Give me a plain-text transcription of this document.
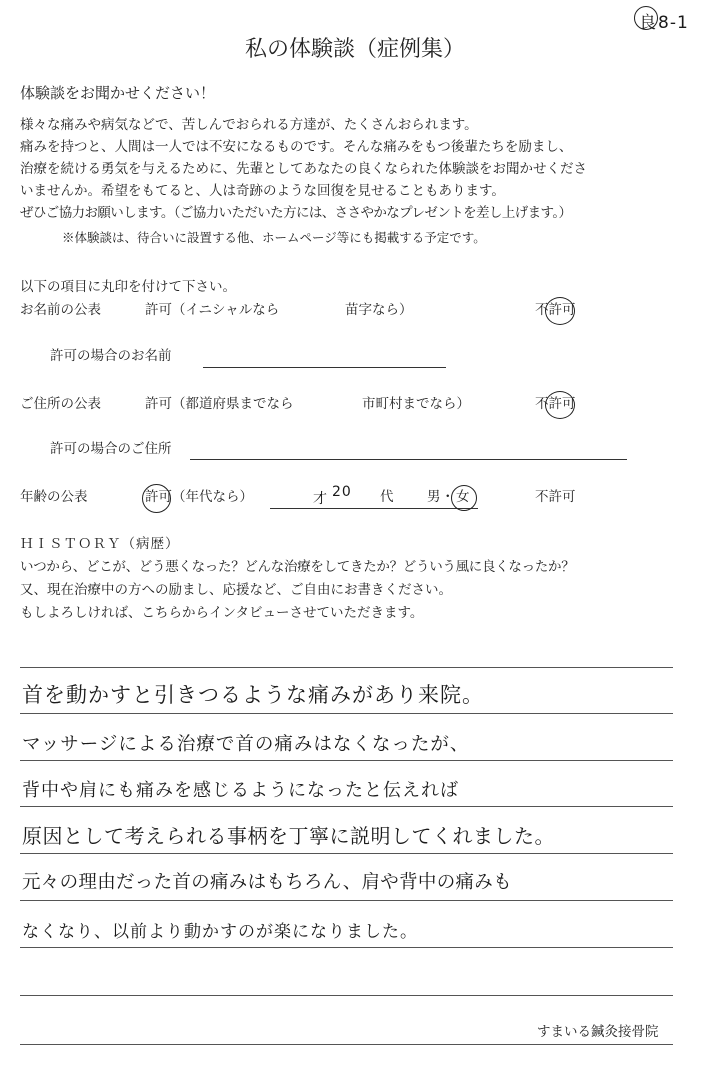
良8-1
私の体験談（症例集）
体験談をお聞かせください！
様々な痛みや病気などで、苦しんでおられる方達が、たくさんおられます。
痛みを持つと、人間は一人では不安になるものです。そんな痛みをもつ後輩たちを励まし、
治療を続ける勇気を与えるために、先輩としてあなたの良くなられた体験談をお聞かせくださ
いませんか。希望をもてると、人は奇跡のような回復を見せることもあります。
ぜひご協力お願いします。（ご協力いただいた方には、ささやかなプレゼントを差し上げます。）
※体験談は、待合いに設置する他、ホームページ等にも掲載する予定です。
以下の項目に丸印を付けて下さい。
お名前の公表	許可（イニシャルなら	苗字なら）	不許可
許可の場合のお名前
ご住所の公表	許可（都道府県までなら	市町村までなら）	不許可
許可の場合のご住所
年齢の公表	許可（年代なら）	才 20 代 男 ・ 女	不許可
ＨＩＳＴＯＲＹ（病歴）
いつから、どこが、どう悪くなった？どんな治療をしてきたか？どういう風に良くなったか？
又、現在治療中の方への励まし、応援など、ご自由にお書きください。
もしよろしければ、こちらからインタビューさせていただきます。
首を動かすと引きつるような痛みがあり来院。
マッサージによる治療で首の痛みはなくなったが、
背中や肩にも痛みを感じるようになったと伝えれば
原因として考えられる事柄を丁寧に説明してくれました。
元々の理由だった首の痛みはもちろん、肩や背中の痛みも
なくなり、以前より動かすのが楽になりました。
すまいる鍼灸接骨院
